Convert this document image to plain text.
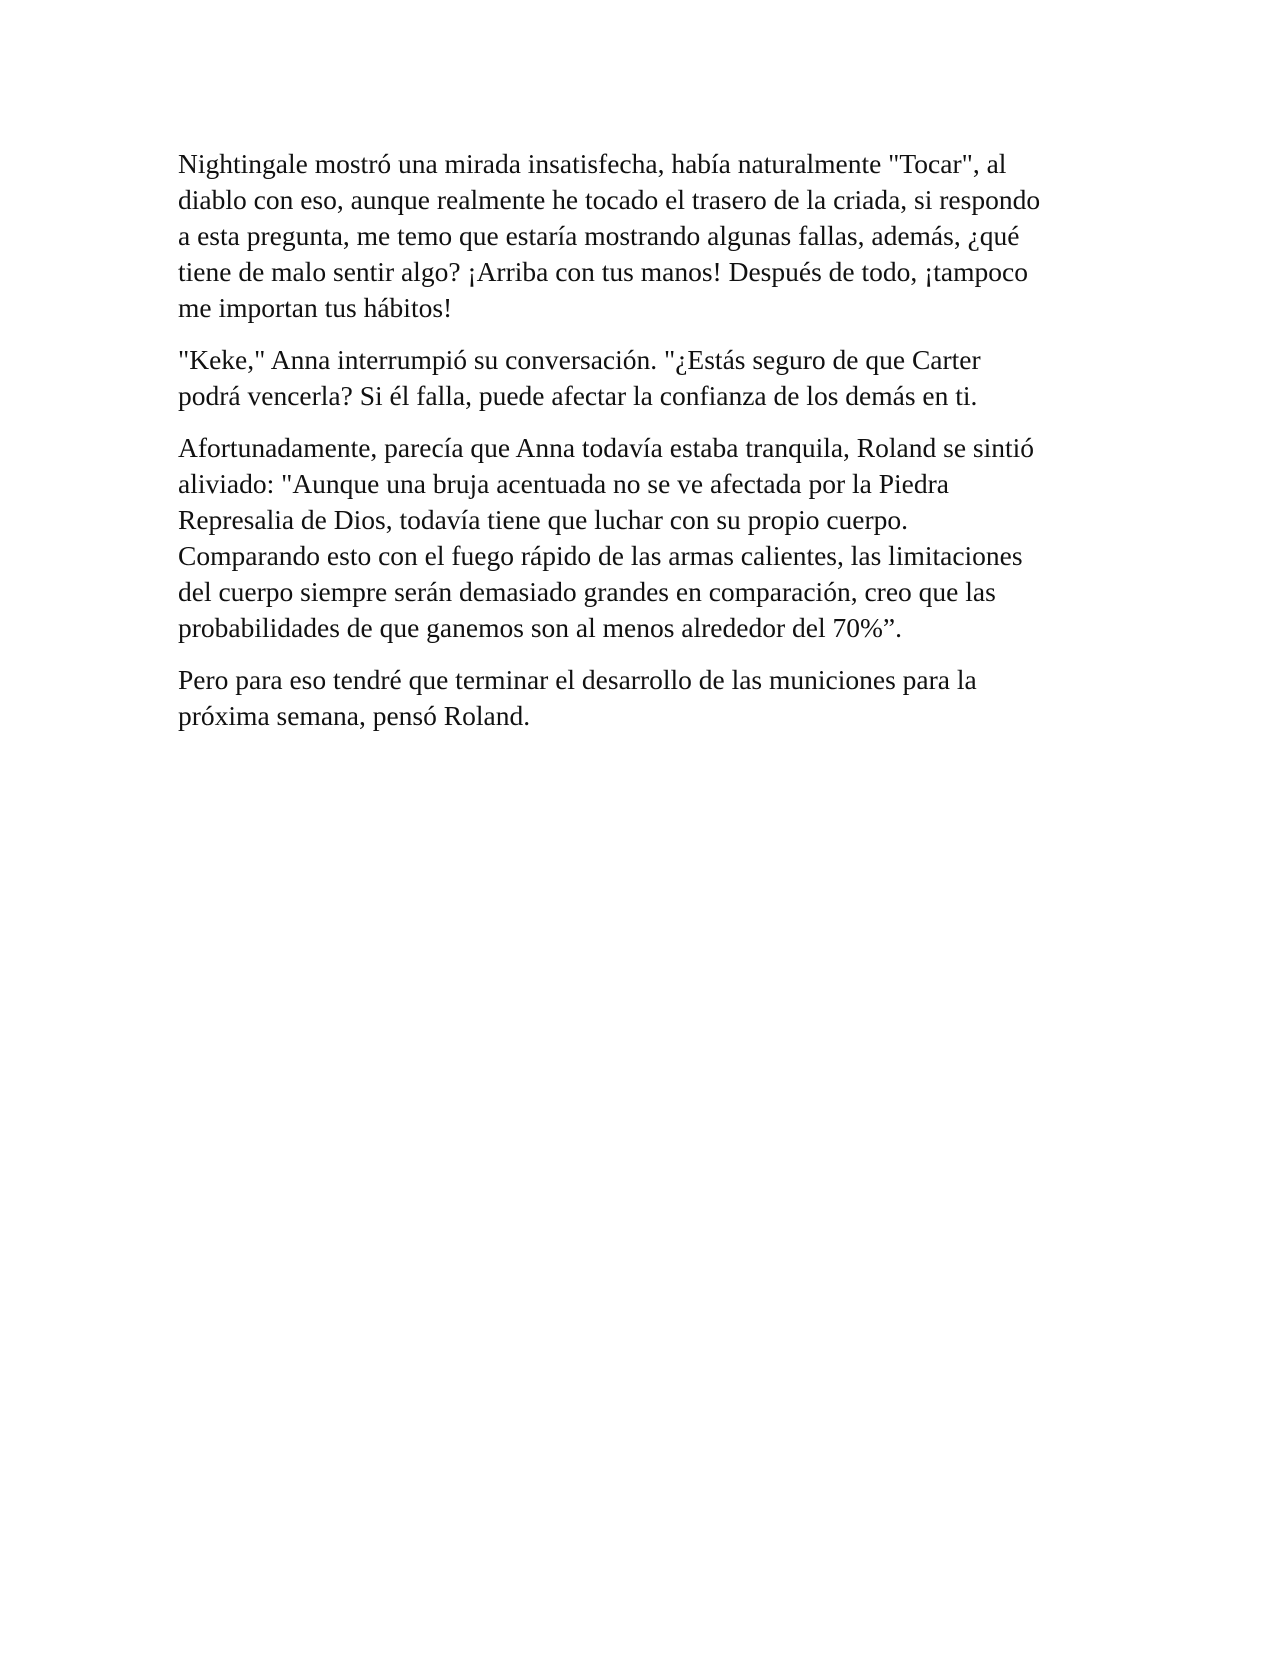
Nightingale mostró una mirada insatisfecha, había naturalmente "Tocar", al
diablo con eso, aunque realmente he tocado el trasero de la criada, si respondo
a esta pregunta, me temo que estaría mostrando algunas fallas, además, ¿qué
tiene de malo sentir algo? ¡Arriba con tus manos! Después de todo, ¡tampoco
me importan tus hábitos!

"Keke," Anna interrumpió su conversación. "¿Estás seguro de que Carter
podrá vencerla? Si él falla, puede afectar la confianza de los demás en ti.

Afortunadamente, parecía que Anna todavía estaba tranquila, Roland se sintió
aliviado: "Aunque una bruja acentuada no se ve afectada por la Piedra
Represalia de Dios, todavía tiene que luchar con su propio cuerpo.
Comparando esto con el fuego rápido de las armas calientes, las limitaciones
del cuerpo siempre serán demasiado grandes en comparación, creo que las
probabilidades de que ganemos son al menos alrededor del 70%”.

Pero para eso tendré que terminar el desarrollo de las municiones para la
próxima semana, pensó Roland.
